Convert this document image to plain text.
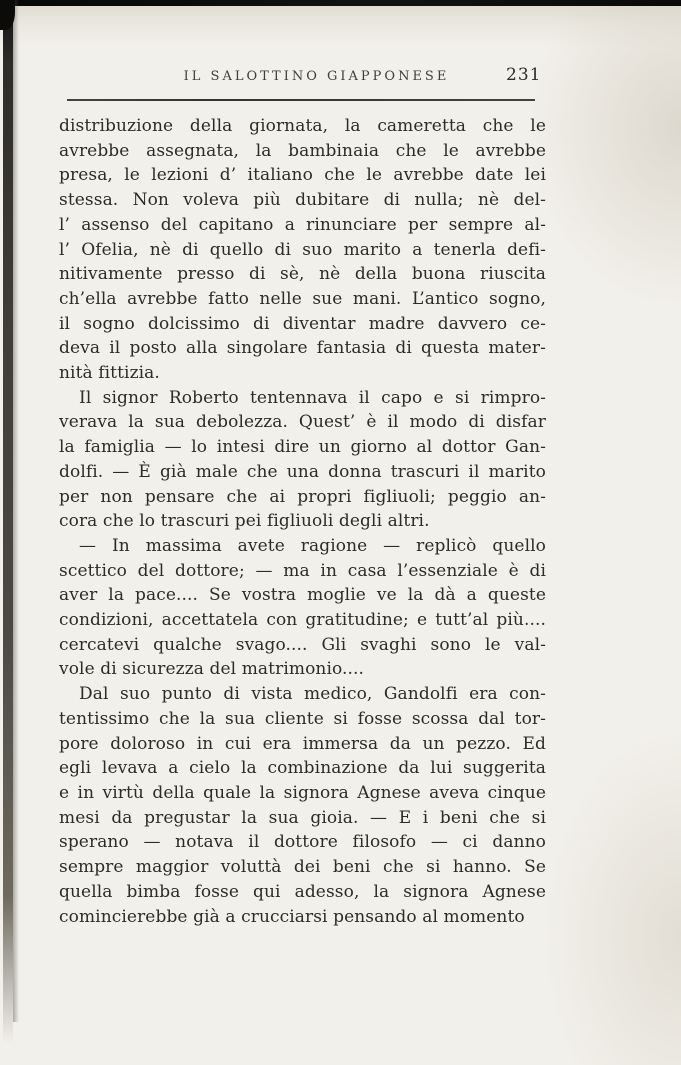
IL SALOTTINO GIAPPONESE	231
distribuzione della giornata, la cameretta che le
avrebbe assegnata, la bambinaia che le avrebbe
presa, le lezioni d’ italiano che le avrebbe date lei
stessa. Non voleva più dubitare di nulla; nè del-
l’ assenso del capitano a rinunciare per sempre al-
l’ Ofelia, nè di quello di suo marito a tenerla defi-
nitivamente presso di sè, nè della buona riuscita
ch’ella avrebbe fatto nelle sue mani. L’antico sogno,
il sogno dolcissimo di diventar madre davvero ce-
deva il posto alla singolare fantasia di questa mater-
nità fittizia.
Il signor Roberto tentennava il capo e si rimpro-
verava la sua debolezza. Quest’ è il modo di disfar
la famiglia — lo intesi dire un giorno al dottor Gan-
dolfi. — È già male che una donna trascuri il marito
per non pensare che ai propri figliuoli; peggio an-
cora che lo trascuri pei figliuoli degli altri.
— In massima avete ragione — replicò quello
scettico del dottore; — ma in casa l’essenziale è di
aver la pace.... Se vostra moglie ve la dà a queste
condizioni, accettatela con gratitudine; e tutt’al più....
cercatevi qualche svago.... Gli svaghi sono le val-
vole di sicurezza del matrimonio....
Dal suo punto di vista medico, Gandolfi era con-
tentissimo che la sua cliente si fosse scossa dal tor-
pore doloroso in cui era immersa da un pezzo. Ed
egli levava a cielo la combinazione da lui suggerita
e in virtù della quale la signora Agnese aveva cinque
mesi da pregustar la sua gioia. — E i beni che si
sperano — notava il dottore filosofo — ci danno
sempre maggior voluttà dei beni che si hanno. Se
quella bimba fosse qui adesso, la signora Agnese
comincierebbe già a crucciarsi pensando al momento
